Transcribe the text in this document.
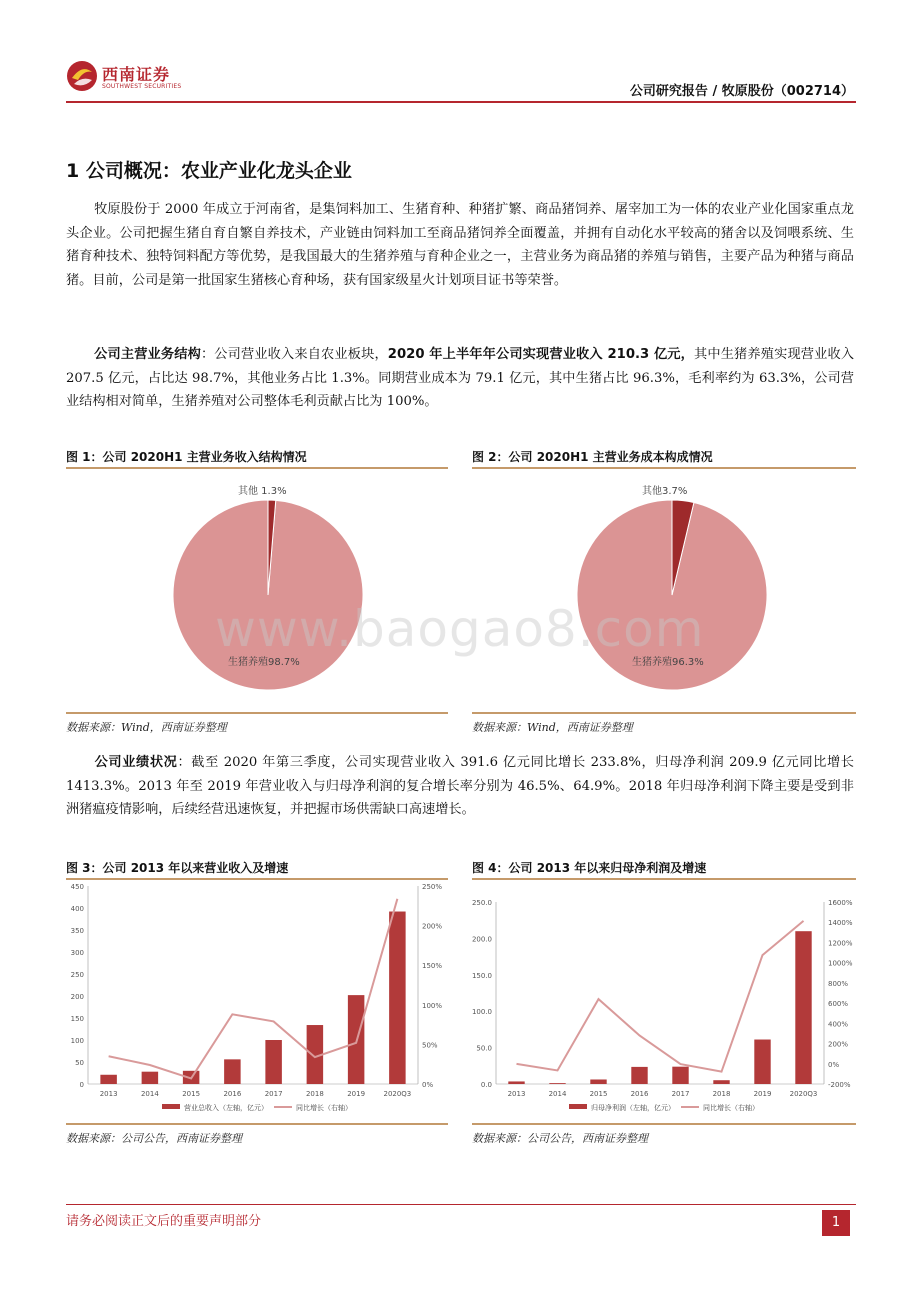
西南证券
SOUTHWEST SECURITIES	公司研究报告 / 牧原股份（002714）
1 公司概况：农业产业化龙头企业
牧原股份于 2000 年成立于河南省，是集饲料加工、生猪育种、种猪扩繁、商品猪饲养、屠宰加工为一体的农业产业化国家重点龙头企业。公司把握生猪自育自繁自养技术，产业链由饲料加工至商品猪饲养全面覆盖，并拥有自动化水平较高的猪舍以及饲喂系统、生猪育种技术、独特饲料配方等优势，是我国最大的生猪养殖与育种企业之一，主营业务为商品猪的养殖与销售，主要产品为种猪与商品猪。目前，公司是第一批国家生猪核心育种场，获有国家级星火计划项目证书等荣誉。
公司主营业务结构：公司营业收入来自农业板块，2020 年上半年年公司实现营业收入 210.3 亿元，其中生猪养殖实现营业收入 207.5 亿元，占比达 98.7%，其他业务占比 1.3%。同期营业成本为 79.1 亿元，其中生猪占比 96.3%，毛利率约为 63.3%，公司营业结构相对简单，生猪养殖对公司整体毛利贡献占比为 100%。
图 1：公司 2020H1 主营业务收入结构情况
生猪养殖98.7%
其他 1.3%
数据来源：Wind，西南证券整理
图 2：公司 2020H1 主营业务成本构成情况
生猪养殖96.3%
其他3.7%
数据来源：Wind，西南证券整理
公司业绩状况：截至 2020 年第三季度，公司实现营业收入 391.6 亿元同比增长 233.8%，归母净利润 209.9 亿元同比增长 1413.3%。2013 年至 2019 年营业收入与归母净利润的复合增长率分别为 46.5%、64.9%。2018 年归母净利润下降主要是受到非洲猪瘟疫情影响，后续经营迅速恢复，并把握市场供需缺口高速增长。
图 3：公司 2013 年以来营业收入及增速
0
50
100
150
200
250
300
350
400
450
0%
50%
100%
150%
200%
250%
2013	2014	2015	2016	2017	2018	2019	2020Q3
营业总收入（左轴，亿元）	同比增长（右轴）
数据来源：公司公告，西南证券整理
图 4：公司 2013 年以来归母净利润及增速
0.0
50.0
100.0
150.0
200.0
250.0
-200%
0%
200%
400%
600%
800%
1000%
1200%
1400%
1600%
2013	2014	2015	2016	2017	2018	2019	2020Q3
归母净利润（左轴，亿元）	同比增长（右轴）
数据来源：公司公告，西南证券整理
www.baogao8.com
请务必阅读正文后的重要声明部分	1
